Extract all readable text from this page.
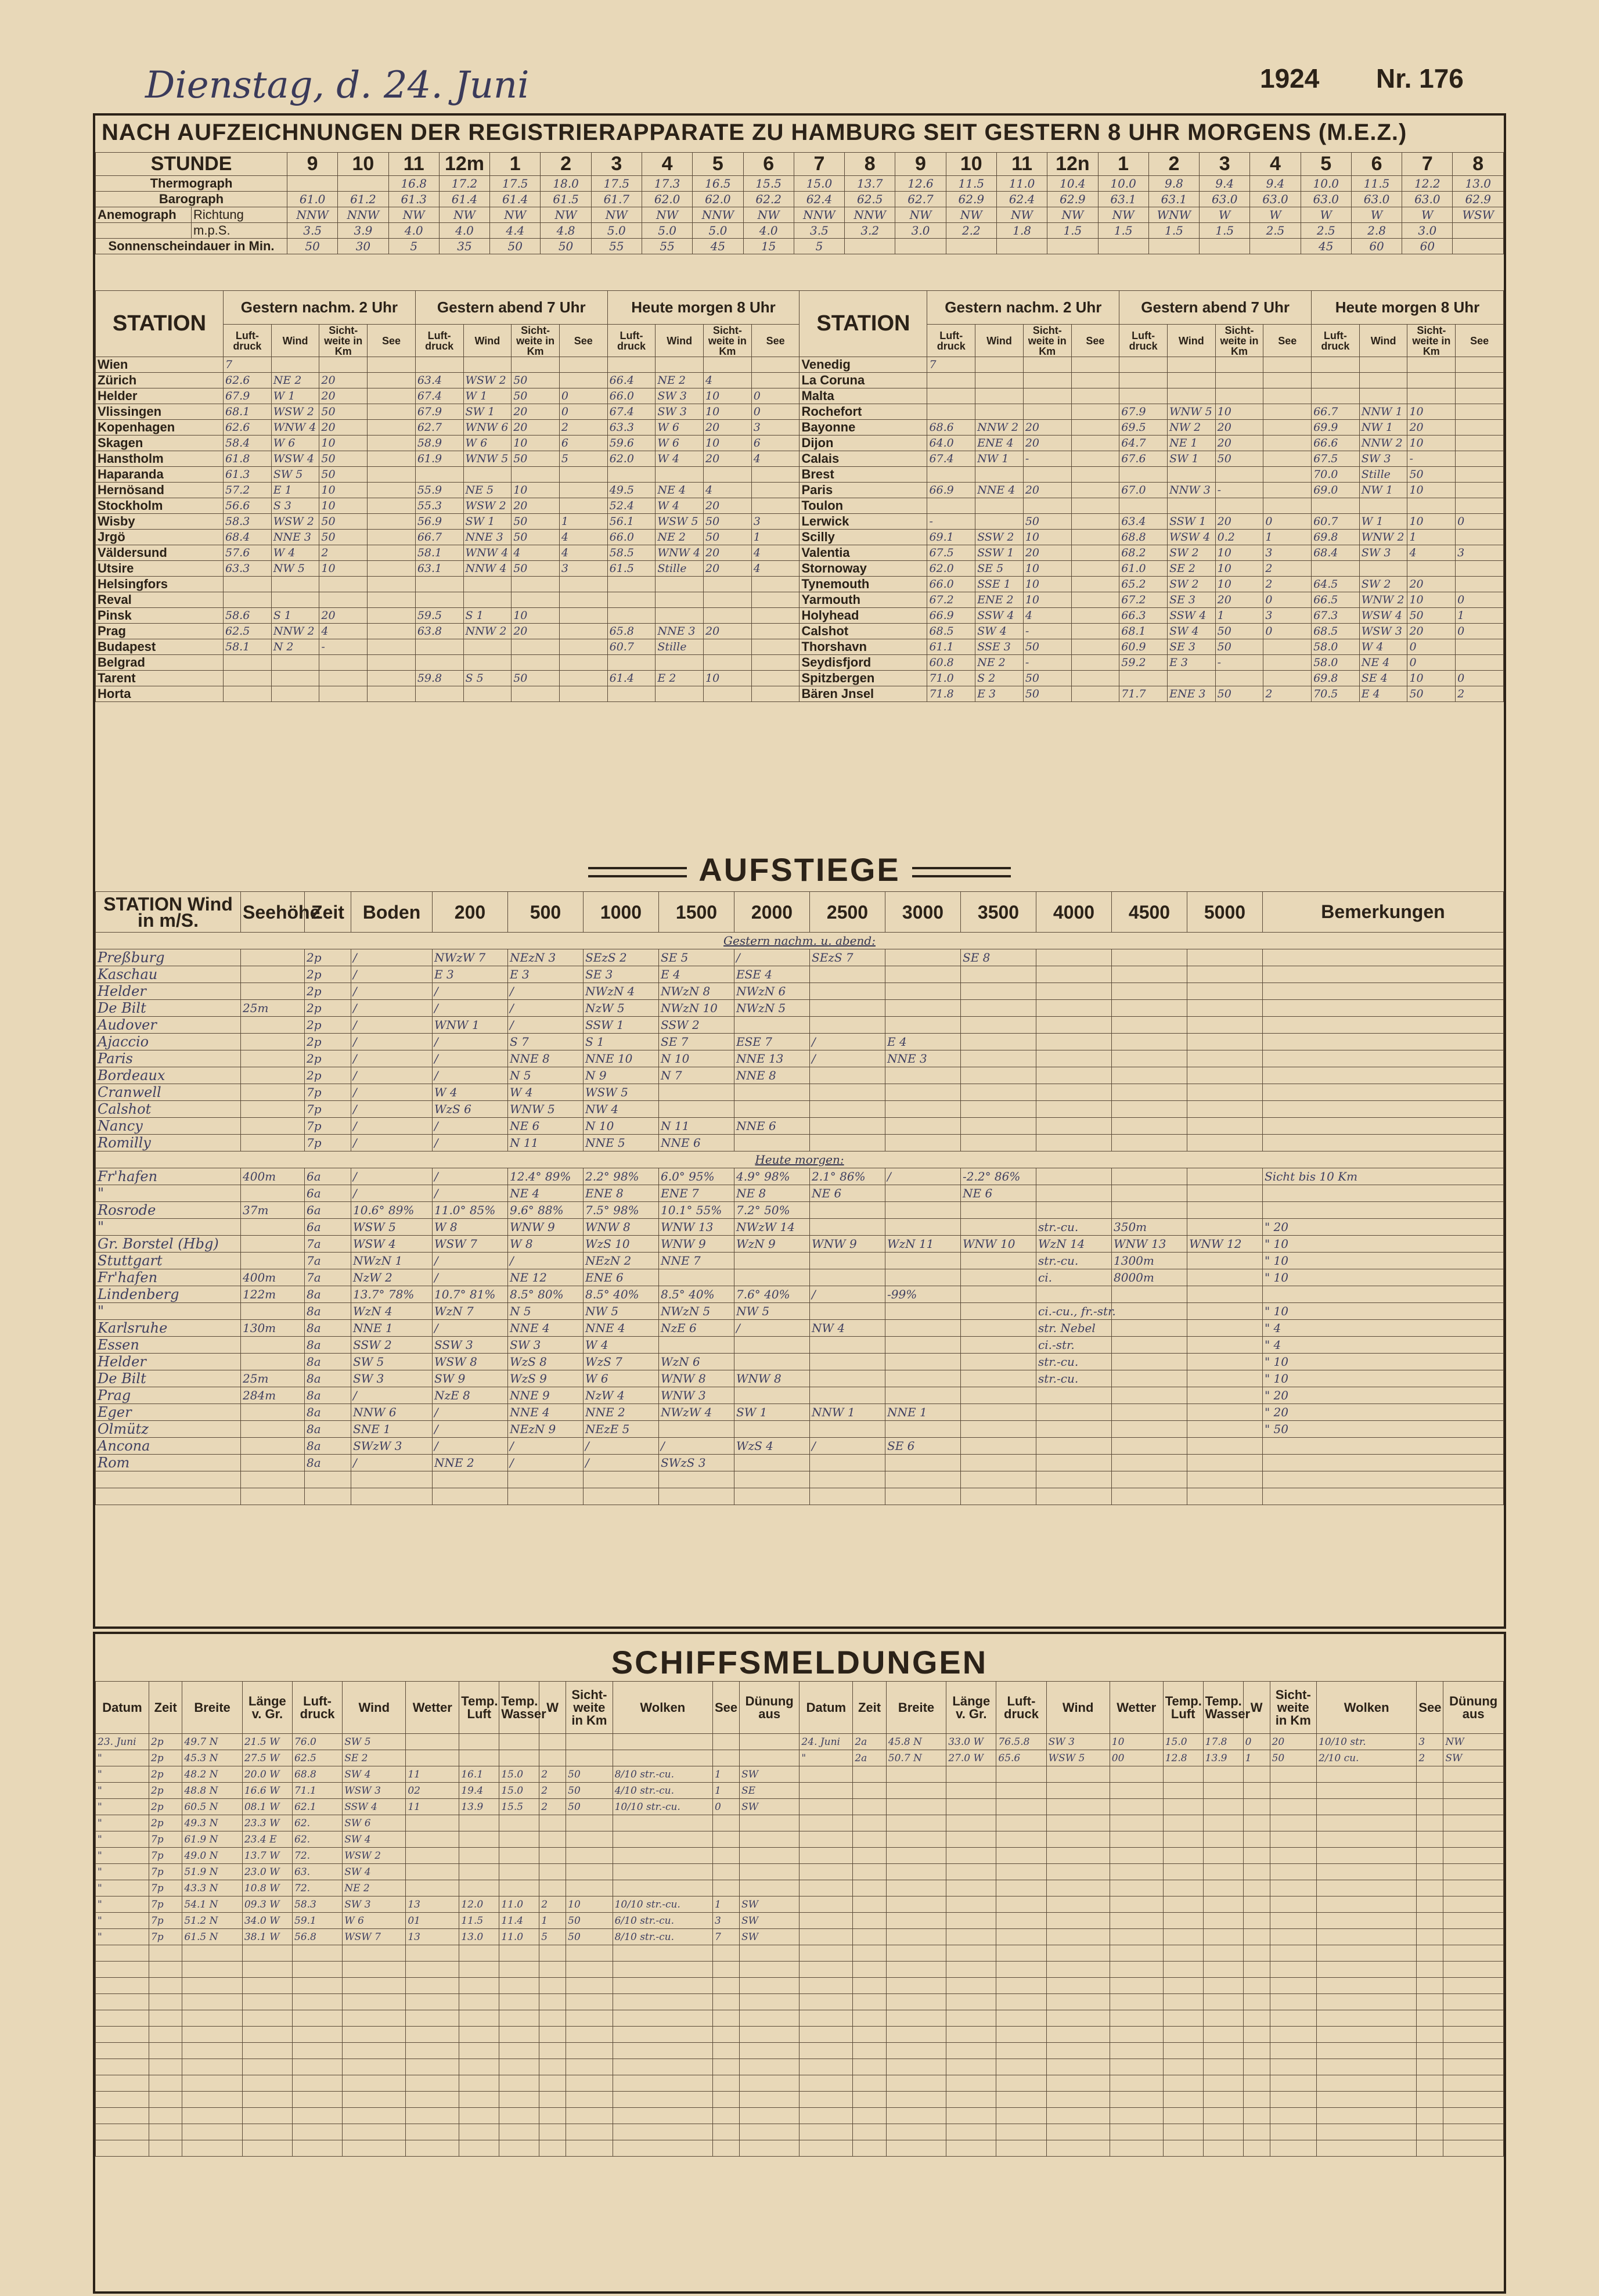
Dienstag, d. 24. Juni	1924 Nr. 176
NACH AUFZEICHNUNGEN DER REGISTRIERAPPARATE ZU HAMBURG SEIT GESTERN 8 UHR MORGENS (M.E.Z.)
STUNDE		9	10	11	12m	1	2	3	4	5	6	7	8	9	10	11	12n	1	2	3	4	5	6	7	8
Thermograph				16.8	17.2	17.5	18.0	17.5	17.3	16.5	15.5	15.0	13.7	12.6	11.5	11.0	10.4	10.0	9.8	9.4	9.4	10.0	11.5	12.2	13.0
Barograph		61.0	61.2	61.3	61.4	61.4	61.5	61.7	62.0	62.0	62.2	62.4	62.5	62.7	62.9	62.4	62.9	63.1	63.1	63.0	63.0	63.0	63.0	63.0	62.9
Anemograph	Richtung	NNW	NNW	NW	NW	NW	NW	NW	NW	NNW	NW	NNW	NNW	NW	NW	NW	NW	NW	WNW	W	W	W	W	W	WSW
	m.p.S.	3.5	3.9	4.0	4.0	4.4	4.8	5.0	5.0	5.0	4.0	3.5	3.2	3.0	2.2	1.8	1.5	1.5	1.5	1.5	2.5	2.5	2.8	3.0	
Sonnenscheindauer in Min.		50	30	5	35	50	50	55	55	45	15	5										45	60	60	
STATION	Gestern nachm. 2 Uhr				Gestern abend 7 Uhr				Heute morgen 8 Uhr				STATION	Gestern nachm. 2 Uhr				Gestern abend 7 Uhr				Heute morgen 8 Uhr			
	Luft-druck	Wind	Sicht-weite in Km	See	Luft-druck	Wind	Sicht-weite in Km	See	Luft-druck	Wind	Sicht-weite in Km	See		Luft-druck	Wind	Sicht-weite in Km	See	Luft-druck	Wind	Sicht-weite in Km	See	Luft-druck	Wind	Sicht-weite in Km	See
Wien	7												Venedig	7											
Zürich	62.6	NE 2	20		63.4	WSW 2	50		66.4	NE 2	4		La Coruna												
Helder	67.9	W 1	20		67.4	W 1	50	0	66.0	SW 3	10	0	Malta												
Vlissingen	68.1	WSW 2	50		67.9	SW 1	20	0	67.4	SW 3	10	0	Rochefort					67.9	WNW 5	10		66.7	NNW 1	10	
Kopenhagen	62.6	WNW 4	20		62.7	WNW 6	20	2	63.3	W 6	20	3	Bayonne	68.6	NNW 2	20		69.5	NW 2	20		69.9	NW 1	20	
Skagen	58.4	W 6	10		58.9	W 6	10	6	59.6	W 6	10	6	Dijon	64.0	ENE 4	20		64.7	NE 1	20		66.6	NNW 2	10	
Hanstholm	61.8	WSW 4	50		61.9	WNW 5	50	5	62.0	W 4	20	4	Calais	67.4	NW 1	-		67.6	SW 1	50		67.5	SW 3	-	
Haparanda	61.3	SW 5	50										Brest									70.0	Stille	50	
Hernösand	57.2	E 1	10		55.9	NE 5	10		49.5	NE 4	4		Paris	66.9	NNE 4	20		67.0	NNW 3	-		69.0	NW 1	10	
Stockholm	56.6	S 3	10		55.3	WSW 2	20		52.4	W 4	20		Toulon												
Wisby	58.3	WSW 2	50		56.9	SW 1	50	1	56.1	WSW 5	50	3	Lerwick	-		50		63.4	SSW 1	20	0	60.7	W 1	10	0
Jrgö	68.4	NNE 3	50		66.7	NNE 3	50	4	66.0	NE 2	50	1	Scilly	69.1	SSW 2	10		68.8	WSW 4	0.2	1	69.8	WNW 2	1	
Väldersund	57.6	W 4	2		58.1	WNW 4	4	4	58.5	WNW 4	20	4	Valentia	67.5	SSW 1	20		68.2	SW 2	10	3	68.4	SW 3	4	3
Utsire	63.3	NW 5	10		63.1	NNW 4	50	3	61.5	Stille	20	4	Stornoway	62.0	SE 5	10		61.0	SE 2	10	2				
Helsingfors													Tynemouth	66.0	SSE 1	10		65.2	SW 2	10	2	64.5	SW 2	20	
Reval													Yarmouth	67.2	ENE 2	10		67.2	SE 3	20	0	66.5	WNW 2	10	0
Pinsk	58.6	S 1	20		59.5	S 1	10						Holyhead	66.9	SSW 4	4		66.3	SSW 4	1	3	67.3	WSW 4	50	1
Prag	62.5	NNW 2	4		63.8	NNW 2	20		65.8	NNE 3	20		Calshot	68.5	SW 4	-		68.1	SW 4	50	0	68.5	WSW 3	20	0
Budapest	58.1	N 2	-						60.7	Stille			Thorshavn	61.1	SSE 3	50		60.9	SE 3	50		58.0	W 4	0	
Belgrad													Seydisfjord	60.8	NE 2	-		59.2	E 3	-		58.0	NE 4	0	
Tarent					59.8	S 5	50		61.4	E 2	10		Spitzbergen	71.0	S 2	50						69.8	SE 4	10	0
Horta													Bären Jnsel	71.8	E 3	50		71.7	ENE 3	50	2	70.5	E 4	50	2
AUFSTIEGE
STATION Wind in m/S.	Seehöhe	Zeit	Boden	200	500	1000	1500	2000	2500	3000	3500	4000	4500	5000	Bemerkungen
Gestern nachm. u. abend:															
Preßburg		2p	/	NWzW 7	NEzN 3	SEzS 2	SE 5	/	SEzS 7		SE 8				
Kaschau		2p	/	E 3	E 3	SE 3	E 4	ESE 4							
Helder		2p	/	/	/	NWzN 4	NWzN 8	NWzN 6							
De Bilt	25m	2p	/	/	/	NzW 5	NWzN 10	NWzN 5							
Audover		2p	/	WNW 1	/	SSW 1	SSW 2								
Ajaccio		2p	/	/	S 7	S 1	SE 7	ESE 7	/	E 4					
Paris		2p	/	/	NNE 8	NNE 10	N 10	NNE 13	/	NNE 3					
Bordeaux		2p	/	/	N 5	N 9	N 7	NNE 8							
Cranwell		7p	/	W 4	W 4	WSW 5									
Calshot		7p	/	WzS 6	WNW 5	NW 4									
Nancy		7p	/	/	NE 6	N 10	N 11	NNE 6							
Romilly		7p	/	/	N 11	NNE 5	NNE 6								
Heute morgen:															
Fr'hafen	400m	6a	/	/	12.4° 89%	2.2° 98%	6.0° 95%	4.9° 98%	2.1° 86%	/	-2.2° 86%				Sicht bis 10 Km
"		6a	/	/	NE 4	ENE 8	ENE 7	NE 8	NE 6		NE 6				
Rosrode	37m	6a	10.6° 89%	11.0° 85%	9.6° 88%	7.5° 98%	10.1° 55%	7.2° 50%							
"		6a	WSW 5	W 8	WNW 9	WNW 8	WNW 13	NWzW 14				str.-cu.	350m		" 20
Gr. Borstel (Hbg)		7a	WSW 4	WSW 7	W 8	WzS 10	WNW 9	WzN 9	WNW 9	WzN 11	WNW 10	WzN 14	WNW 13	WNW 12	" 10
Stuttgart		7a	NWzN 1	/	/	NEzN 2	NNE 7					str.-cu.	1300m		" 10
Fr'hafen	400m	7a	NzW 2	/	NE 12	ENE 6						ci.	8000m		" 10
Lindenberg	122m	8a	13.7° 78%	10.7° 81%	8.5° 80%	8.5° 40%	8.5° 40%	7.6° 40%	/	-99%					
"		8a	WzN 4	WzN 7	N 5	NW 5	NWzN 5	NW 5				ci.-cu., fr.-str.			" 10
Karlsruhe	130m	8a	NNE 1	/	NNE 4	NNE 4	NzE 6	/	NW 4			str. Nebel			" 4
Essen		8a	SSW 2	SSW 3	SW 3	W 4						ci.-str.			" 4
Helder		8a	SW 5	WSW 8	WzS 8	WzS 7	WzN 6					str.-cu.			" 10
De Bilt	25m	8a	SW 3	SW 9	WzS 9	W 6	WNW 8	WNW 8				str.-cu.			" 10
Prag	284m	8a	/	NzE 8	NNE 9	NzW 4	WNW 3								" 20
Eger		8a	NNW 6	/	NNE 4	NNE 2	NWzW 4	SW 1	NNW 1	NNE 1					" 20
Olmütz		8a	SNE 1	/	NEzN 9	NEzE 5									" 50
Ancona		8a	SWzW 3	/	/	/	/	WzS 4	/	SE 6					
Rom		8a	/	NNE 2	/	/	SWzS 3								

SCHIFFSMELDUNGEN
Datum	Zeit	Breite	Länge v. Gr.	Luft-druck	Wind	Wetter	Temp. Luft	Temp. Wasser	W	Sicht-weite in Km	Wolken	See	Dünung aus	Datum	Zeit	Breite	Länge v. Gr.	Luft-druck	Wind	Wetter	Temp. Luft	Temp. Wasser	W	Sicht-weite in Km	Wolken	See	Dünung aus
23. Juni	2p	49.7 N	21.5 W	76.0	SW 5									24. Juni	2a	45.8 N	33.0 W	76.5.8	SW 3	10	15.0	17.8	0	20	10/10 str.	3	NW
"	2p	45.3 N	27.5 W	62.5	SE 2									"	2a	50.7 N	27.0 W	65.6	WSW 5	00	12.8	13.9	1	50	2/10 cu.	2	SW
"	2p	48.2 N	20.0 W	68.8	SW 4	11	16.1	15.0	2	50	8/10 str.-cu.	1	SW														
"	2p	48.8 N	16.6 W	71.1	WSW 3	02	19.4	15.0	2	50	4/10 str.-cu.	1	SE														
"	2p	60.5 N	08.1 W	62.1	SSW 4	11	13.9	15.5	2	50	10/10 str.-cu.	0	SW														
"	2p	49.3 N	23.3 W	62.	SW 6																						
"	7p	61.9 N	23.4 E	62.	SW 4																						
"	7p	49.0 N	13.7 W	72.	WSW 2																						
"	7p	51.9 N	23.0 W	63.	SW 4																						
"	7p	43.3 N	10.8 W	72.	NE 2																						
"	7p	54.1 N	09.3 W	58.3	SW 3	13	12.0	11.0	2	10	10/10 str.-cu.	1	SW														
"	7p	51.2 N	34.0 W	59.1	W 6	01	11.5	11.4	1	50	6/10 str.-cu.	3	SW														
"	7p	61.5 N	38.1 W	56.8	WSW 7	13	13.0	11.0	5	50	8/10 str.-cu.	7	SW														
